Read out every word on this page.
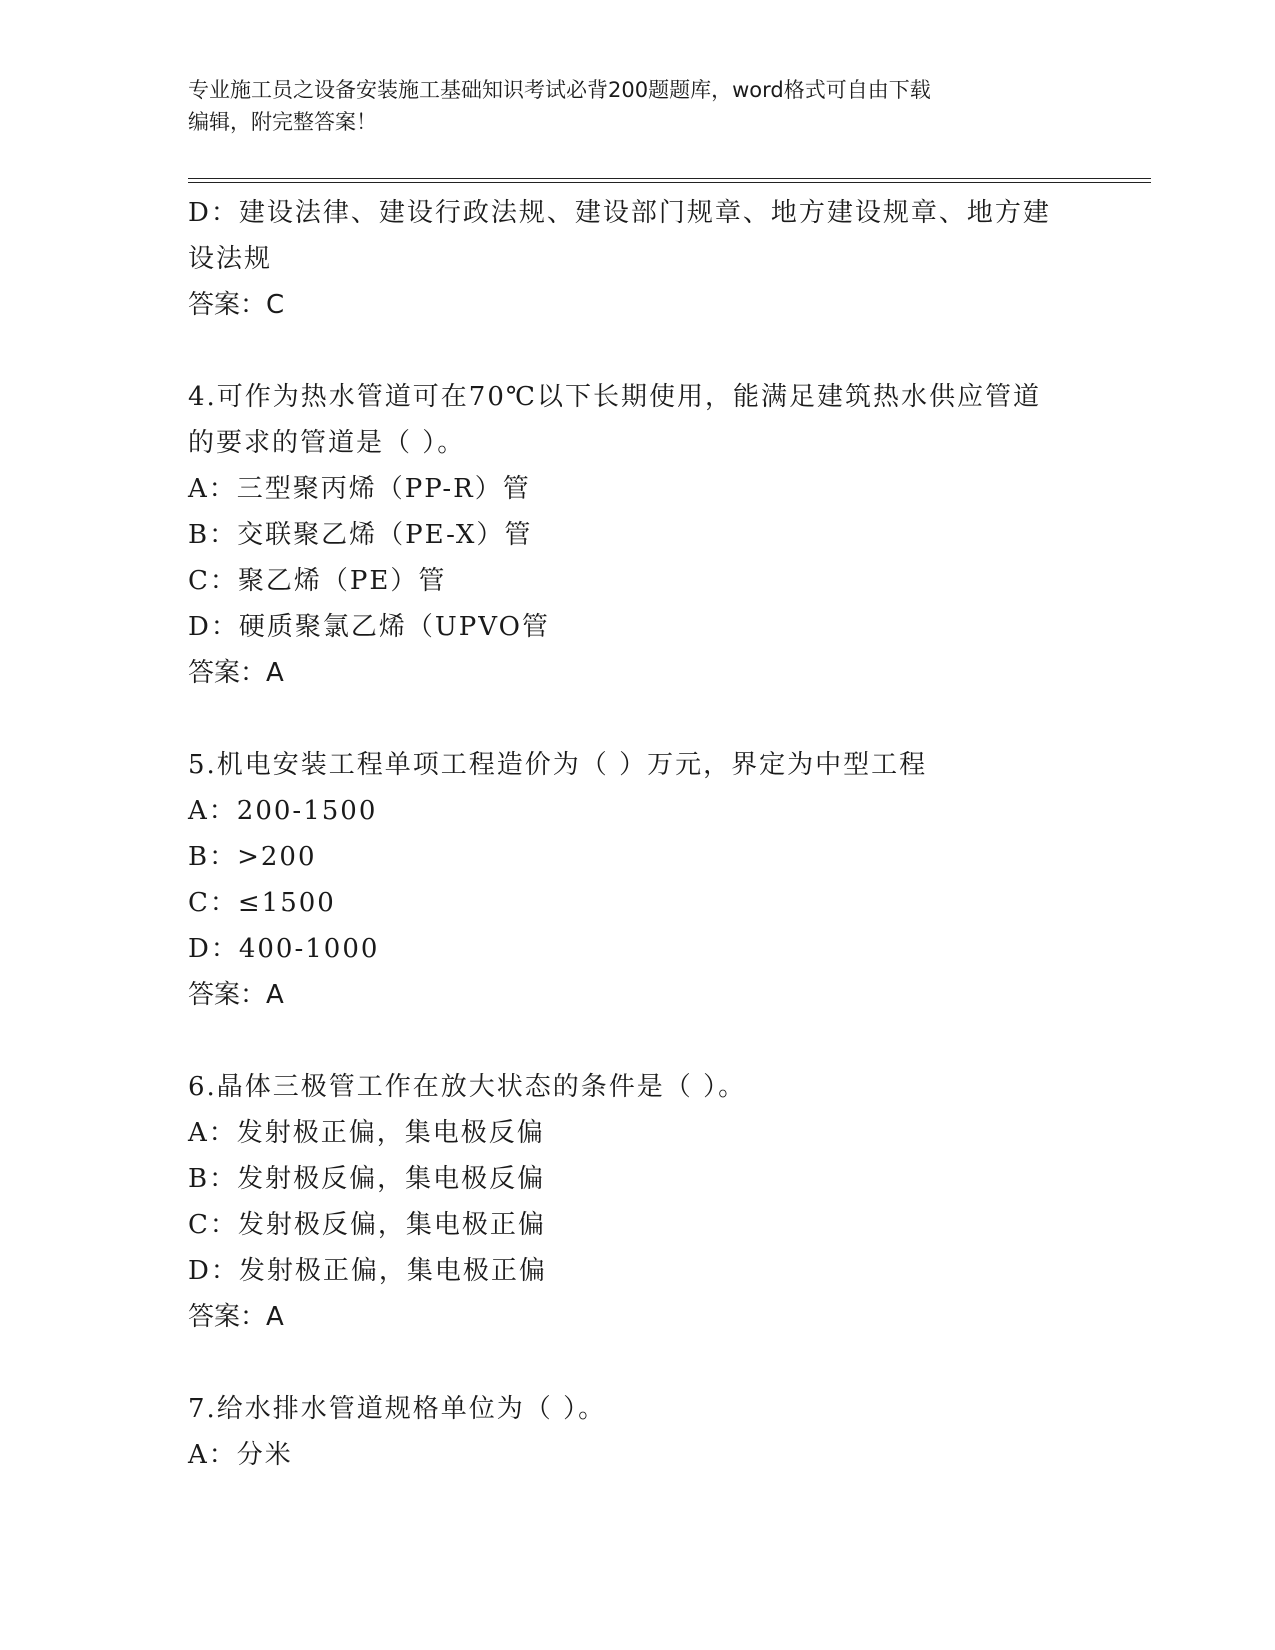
专业施工员之设备安装施工基础知识考试必背200题题库，word格式可自由下载
编辑，附完整答案！
D：建设法律、建设行政法规、建设部门规章、地方建设规章、地方建
设法规
答案：C
4.可作为热水管道可在70℃以下长期使用，能满足建筑热水供应管道
的要求的管道是（ ）。
A：三型聚丙烯（PP-R）管
B：交联聚乙烯（PE-X）管
C：聚乙烯（PE）管
D：硬质聚氯乙烯（UPVO管
答案：A
5.机电安装工程单项工程造价为（ ）万元，界定为中型工程
A：200-1500
B：>200
C：≤1500
D：400-1000
答案：A
6.晶体三极管工作在放大状态的条件是（ ）。
A：发射极正偏，集电极反偏
B：发射极反偏，集电极反偏
C：发射极反偏，集电极正偏
D：发射极正偏，集电极正偏
答案：A
7.给水排水管道规格单位为（ ）。
A：分米
